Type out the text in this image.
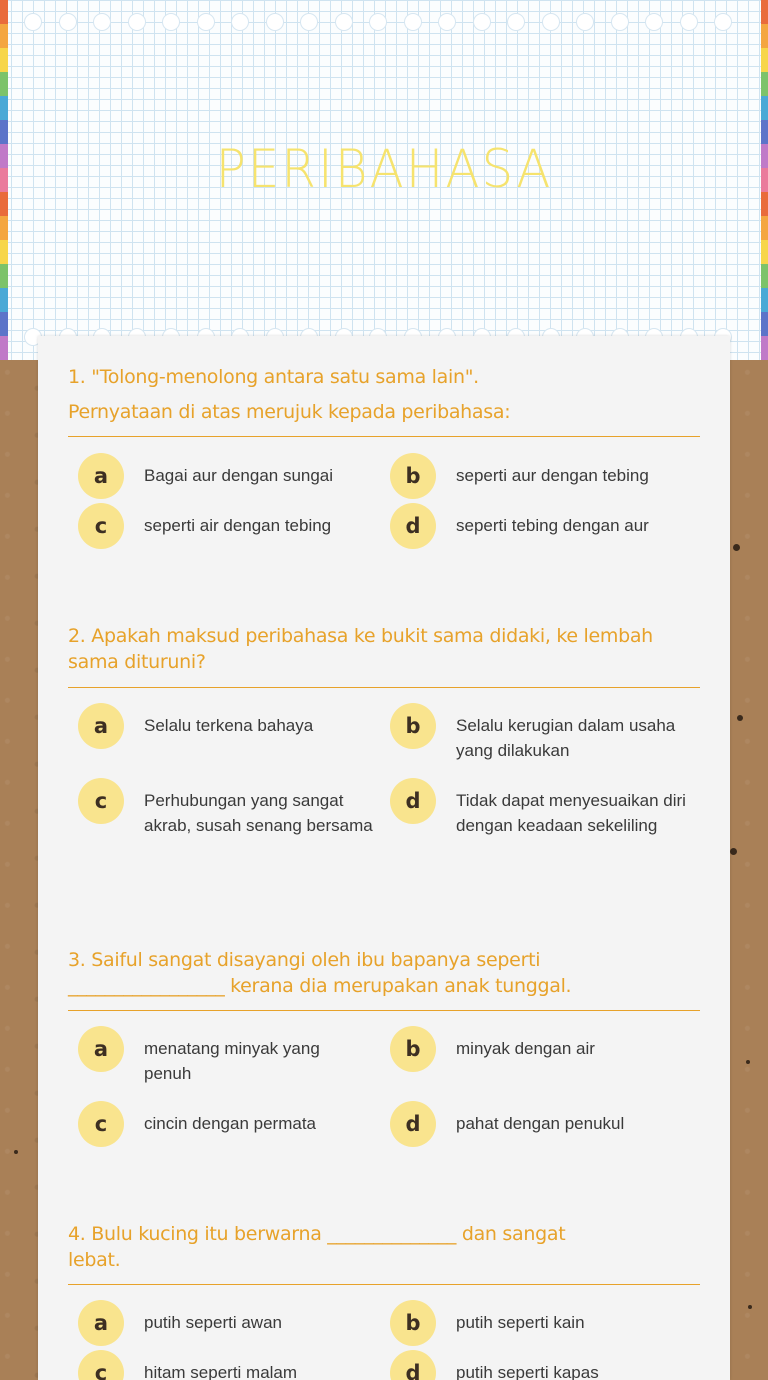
PERIBAHASA
1. "Tolong-menolong antara satu sama lain".
Pernyataan di atas merujuk kepada peribahasa:
a	Bagai aur dengan sungai	b	seperti aur dengan tebing
c	seperti air dengan tebing	d	seperti tebing dengan aur
2. Apakah maksud peribahasa ke bukit sama didaki, ke lembah
sama dituruni?
a	Selalu terkena bahaya	b	Selalu kerugian dalam usaha yang dilakukan
c	Perhubungan yang sangat akrab, susah senang bersama
d	Tidak dapat menyesuaikan diri dengan keadaan sekeliling
3. Saiful sangat disayangi oleh ibu bapanya seperti
_________________ kerana dia merupakan anak tunggal.
a	menatang minyak yang penuh
b	minyak dengan air
c	cincin dengan permata	d	pahat dengan penukul
4. Bulu kucing itu berwarna ______________ dan sangat
lebat.
a	putih seperti awan	b	putih seperti kain
c	hitam seperti malam	d	putih seperti kapas
